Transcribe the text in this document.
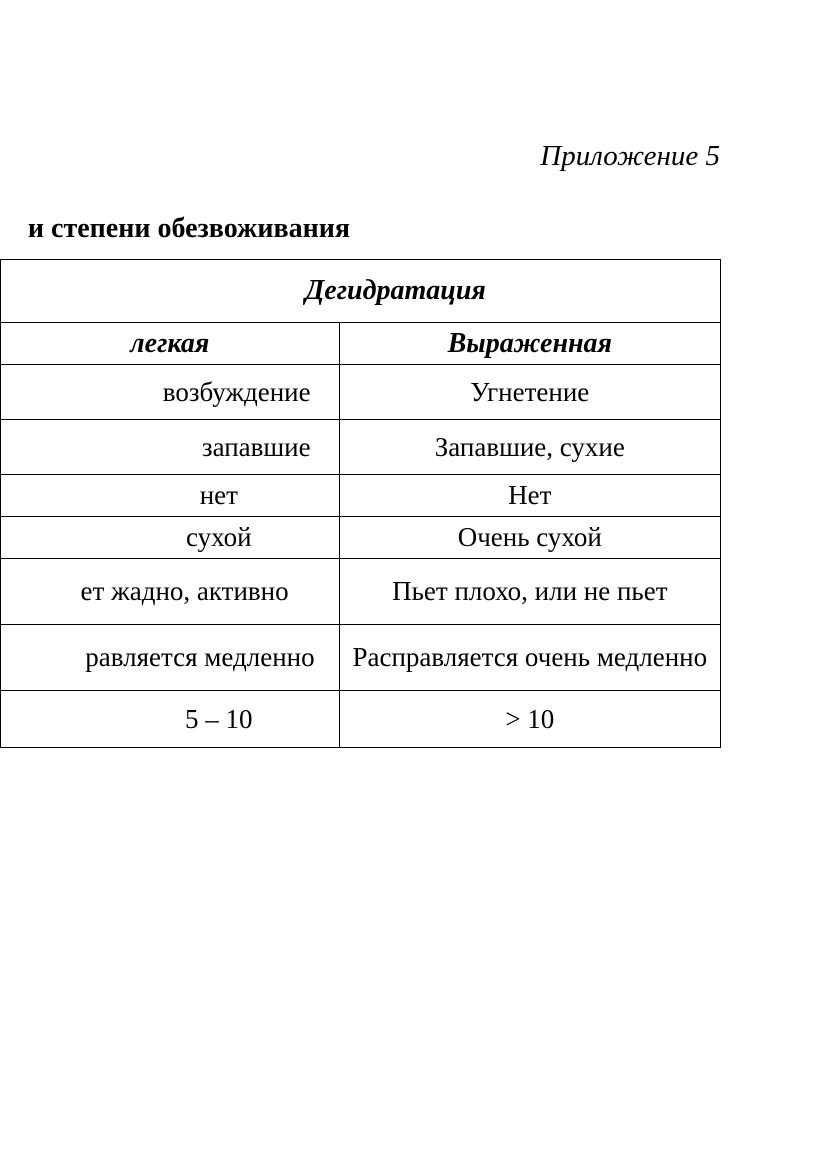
Приложение 5
и степени обезвоживания
Дегидратация	
легкая	Выраженная
возбуждение	Угнетение
запавшие	Запавшие, сухие
нет	Нет
сухой	Очень сухой
ет жадно, активно	Пьет плохо, или не пьет
равляется медленно	Расправляется очень медленно
5 – 10	> 10
